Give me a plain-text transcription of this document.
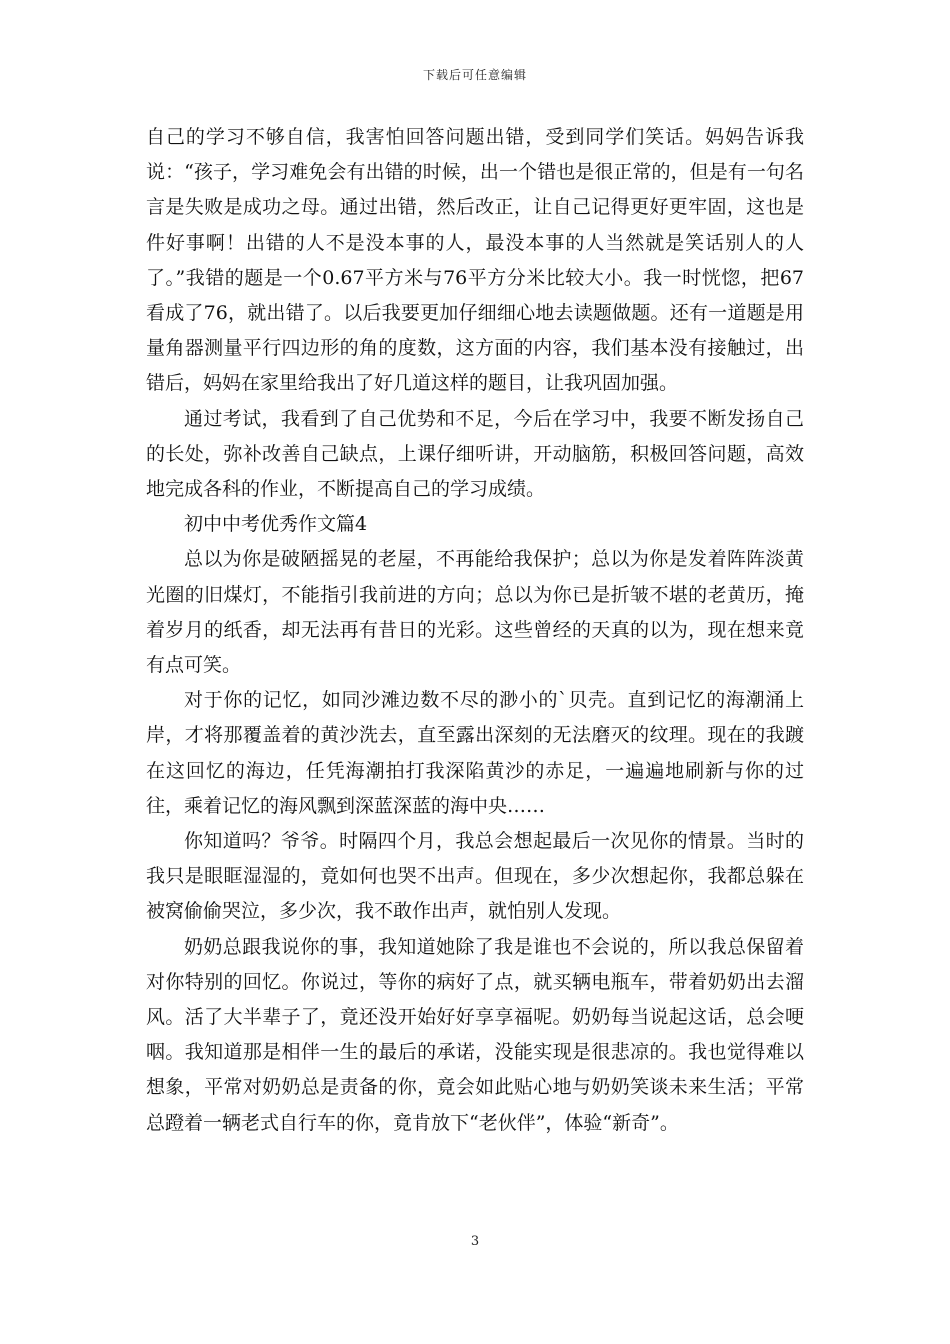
下载后可任意编辑

自己的学习不够自信，我害怕回答问题出错，受到同学们笑话。妈妈告诉我说：“孩子，学习难免会有出错的时候，出一个错也是很正常的，但是有一句名言是失败是成功之母。通过出错，然后改正，让自己记得更好更牢固，这也是件好事啊！出错的人不是没本事的人，最没本事的人当然就是笑话别人的人了。”我错的题是一个0.67平方米与76平方分米比较大小。我一时恍惚，把67看成了76，就出错了。以后我要更加仔细细心地去读题做题。还有一道题是用量角器测量平行四边形的角的度数，这方面的内容，我们基本没有接触过，出错后，妈妈在家里给我出了好几道这样的题目，让我巩固加强。

通过考试，我看到了自己优势和不足，今后在学习中，我要不断发扬自己的长处，弥补改善自己缺点，上课仔细听讲，开动脑筋，积极回答问题，高效地完成各科的作业，不断提高自己的学习成绩。

初中中考优秀作文篇4

总以为你是破陋摇晃的老屋，不再能给我保护；总以为你是发着阵阵淡黄光圈的旧煤灯，不能指引我前进的方向；总以为你已是折皱不堪的老黄历，掩着岁月的纸香，却无法再有昔日的光彩。这些曾经的天真的以为，现在想来竟有点可笑。

对于你的记忆，如同沙滩边数不尽的渺小的`贝壳。直到记忆的海潮涌上岸，才将那覆盖着的黄沙洗去，直至露出深刻的无法磨灭的纹理。现在的我踱在这回忆的海边，任凭海潮拍打我深陷黄沙的赤足，一遍遍地刷新与你的过往，乘着记忆的海风飘到深蓝深蓝的海中央……

你知道吗？爷爷。时隔四个月，我总会想起最后一次见你的情景。当时的我只是眼眶湿湿的，竟如何也哭不出声。但现在，多少次想起你，我都总躲在被窝偷偷哭泣，多少次，我不敢作出声，就怕别人发现。

奶奶总跟我说你的事，我知道她除了我是谁也不会说的，所以我总保留着对你特别的回忆。你说过，等你的病好了点，就买辆电瓶车，带着奶奶出去溜风。活了大半辈子了，竟还没开始好好享享福呢。奶奶每当说起这话，总会哽咽。我知道那是相伴一生的最后的承诺，没能实现是很悲凉的。我也觉得难以想象，平常对奶奶总是责备的你，竟会如此贴心地与奶奶笑谈未来生活；平常总蹬着一辆老式自行车的你，竟肯放下“老伙伴”，体验“新奇”。

3
